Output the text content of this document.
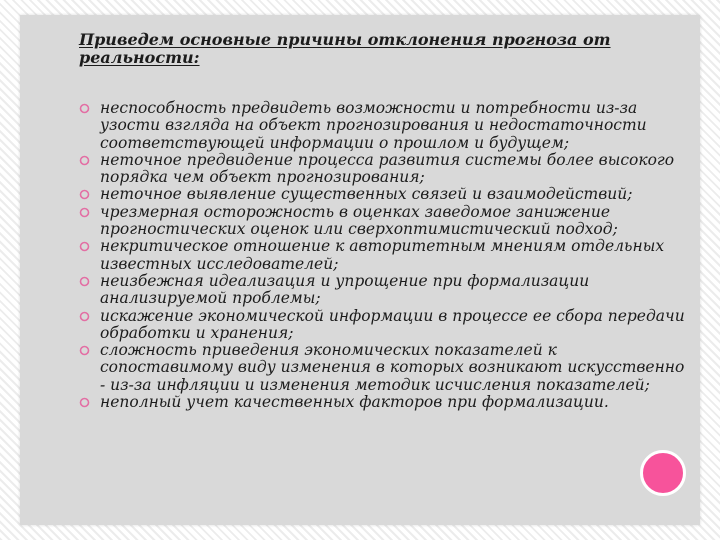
Приведем основные причины отклонения прогноза от реальности:
неспособность предвидеть возможности и потребности из-за узости взгляда на объект прогнозирования и недостаточности соответствующей информации о прошлом и будущем;
неточное предвидение процесса развития системы более высокого порядка чем объект прогнозирования;
неточное выявление существенных связей и взаимодействий;
чрезмерная осторожность в оценках заведомое занижение прогностических оценок или сверхоптимистический подход;
некритическое отношение к авторитетным мнениям отдельных известных исследователей;
неизбежная идеализация и упрощение при формализации анализируемой проблемы;
искажение экономической информации в процессе ее сбора передачи обработки и хранения;
сложность приведения экономических показателей к сопоставимому виду изменения в которых возникают искусственно - из-за инфляции и изменения методик исчисления показателей;
неполный учет качественных факторов при формализации.
